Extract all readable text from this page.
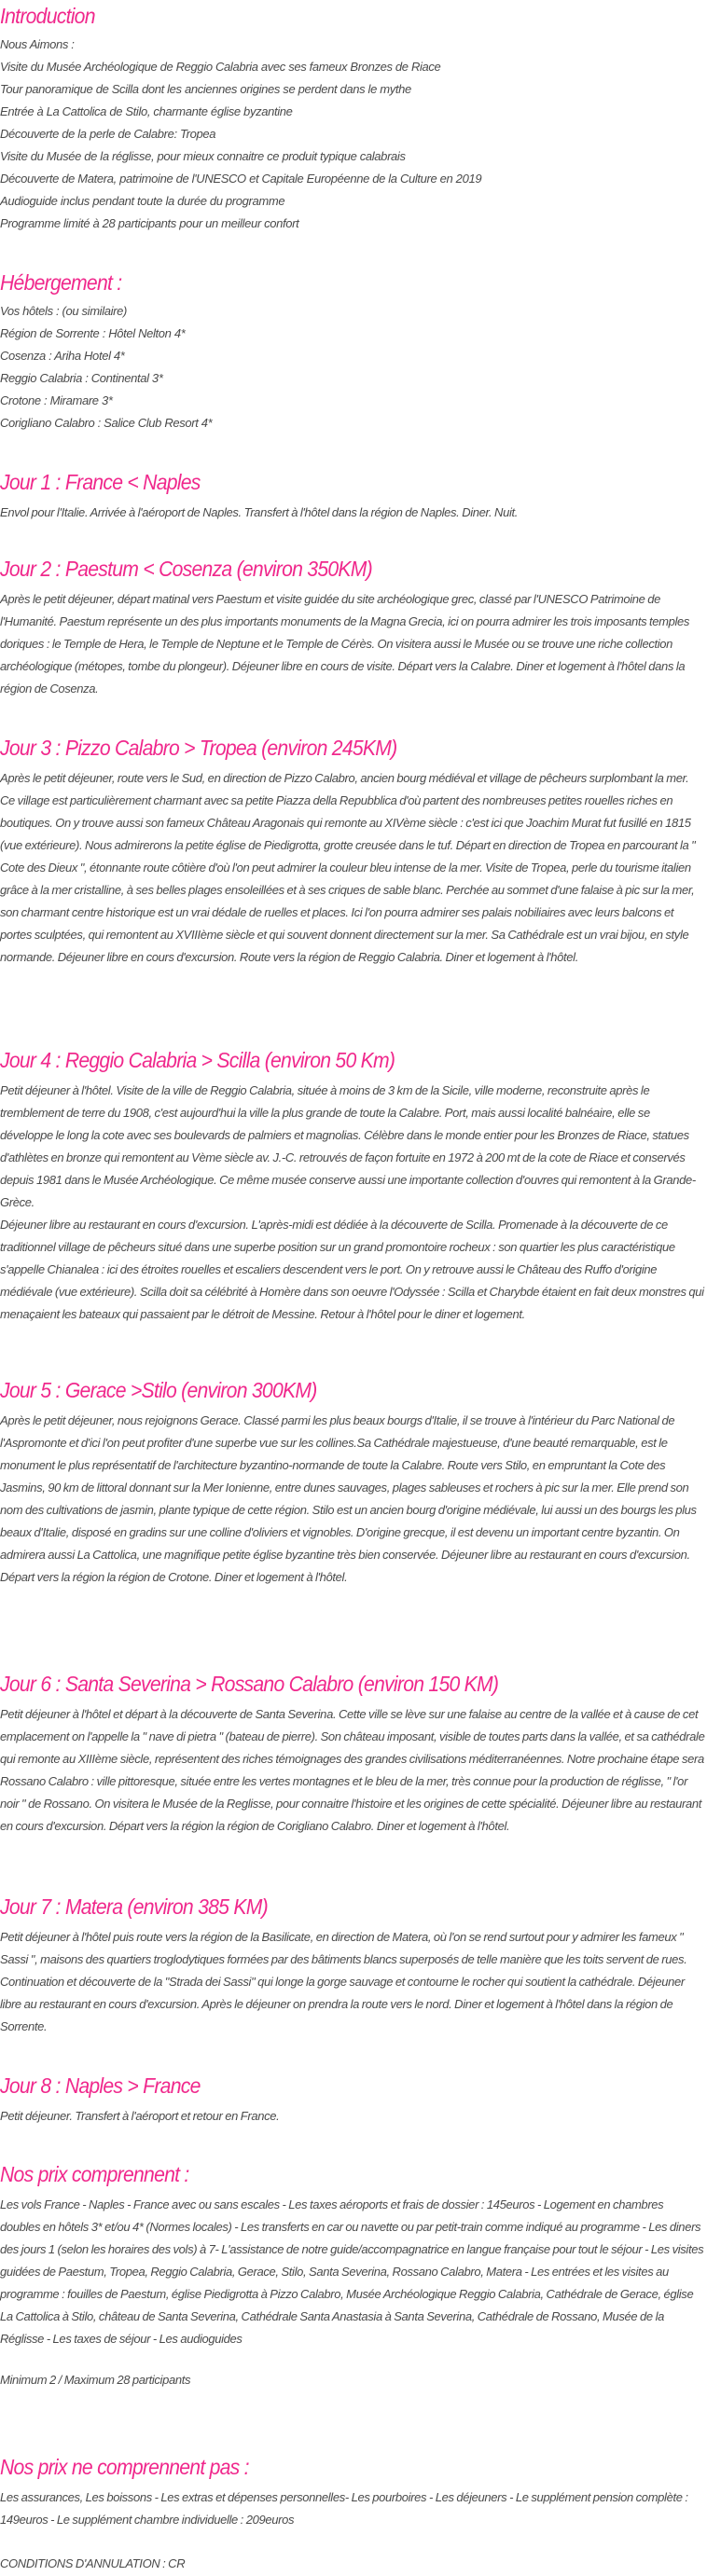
Introduction
Nous Aimons :
Visite du Musée Archéologique de Reggio Calabria avec ses fameux Bronzes de Riace
Tour panoramique de Scilla dont les anciennes origines se perdent dans le mythe
Entrée à La Cattolica de Stilo, charmante église byzantine
Découverte de la perle de Calabre: Tropea
Visite du Musée de la réglisse, pour mieux connaitre ce produit typique calabrais
Découverte de Matera, patrimoine de l'UNESCO et Capitale Européenne de la Culture en 2019
Audioguide inclus pendant toute la durée du programme
Programme limité à 28 participants pour un meilleur confort
Hébergement :
Vos hôtels : (ou similaire)
Région de Sorrente : Hôtel Nelton 4*
Cosenza : Ariha Hotel 4*
Reggio Calabria : Continental 3*
Crotone : Miramare 3*
Corigliano Calabro : Salice Club Resort 4*
Jour 1 : France < Naples

Envol pour l'Italie. Arrivée à l'aéroport de Naples. Transfert à l'hôtel dans la région de Naples. Diner. Nuit.

Jour 2 : Paestum < Cosenza (environ 350KM)

Après le petit déjeuner, départ matinal vers Paestum et visite guidée du site archéologique grec, classé par l'UNESCO Patrimoine de l'Humanité. Paestum représente un des plus importants monuments de la Magna Grecia, ici on pourra admirer les trois imposants temples doriques : le Temple de Hera, le Temple de Neptune et le Temple de Cérès. On visitera aussi le Musée ou se trouve une riche collection archéologique (métopes, tombe du plongeur). Déjeuner libre en cours de visite. Départ vers la Calabre. Diner et logement à l'hôtel dans la région de Cosenza.

Jour 3 : Pizzo Calabro > Tropea (environ 245KM)

Après le petit déjeuner, route vers le Sud, en direction de Pizzo Calabro, ancien bourg médiéval et village de pêcheurs surplombant la mer. Ce village est particulièrement charmant avec sa petite Piazza della Repubblica d'où partent des nombreuses petites rouelles riches en boutiques. On y trouve aussi son fameux Château Aragonais qui remonte au XIVème siècle : c'est ici que Joachim Murat fut fusillé en 1815 (vue extérieure). Nous admirerons la petite église de Piedigrotta, grotte creusée dans le tuf. Départ en direction de Tropea en parcourant la " Cote des Dieux ", étonnante route côtière d'où l'on peut admirer la couleur bleu intense de la mer. Visite de Tropea, perle du tourisme italien grâce à la mer cristalline, à ses belles plages ensoleillées et à ses criques de sable blanc. Perchée au sommet d'une falaise à pic sur la mer, son charmant centre historique est un vrai dédale de ruelles et places. Ici l'on pourra admirer ses palais nobiliaires avec leurs balcons et portes sculptées, qui remontent au XVIIIème siècle et qui souvent donnent directement sur la mer. Sa Cathédrale est un vrai bijou, en style normande. Déjeuner libre en cours d'excursion. Route vers la région de Reggio Calabria. Diner et logement à l'hôtel.

Jour 4 : Reggio Calabria > Scilla (environ 50 Km)

Petit déjeuner à l'hôtel. Visite de la ville de Reggio Calabria, située à moins de 3 km de la Sicile, ville moderne, reconstruite après le tremblement de terre du 1908, c'est aujourd'hui la ville la plus grande de toute la Calabre. Port, mais aussi localité balnéaire, elle se développe le long la cote avec ses boulevards de palmiers et magnolias. Célèbre dans le monde entier pour les Bronzes de Riace, statues d'athlètes en bronze qui remontent au Vème siècle av. J.-C. retrouvés de façon fortuite en 1972 à 200 mt de la cote de Riace et conservés depuis 1981 dans le Musée Archéologique. Ce même musée conserve aussi une importante collection d'ouvres qui remontent à la Grande-Grèce.

Déjeuner libre au restaurant en cours d'excursion. L'après-midi est dédiée à la découverte de Scilla. Promenade à la découverte de ce traditionnel village de pêcheurs situé dans une superbe position sur un grand promontoire rocheux : son quartier les plus caractéristique s'appelle Chianalea : ici des étroites rouelles et escaliers descendent vers le port. On y retrouve aussi le Château des Ruffo d'origine médiévale (vue extérieure). Scilla doit sa célébrité à Homère dans son oeuvre l'Odyssée : Scilla et Charybde étaient en fait deux monstres qui menaçaient les bateaux qui passaient par le détroit de Messine. Retour à l'hôtel pour le diner et logement.

Jour 5 : Gerace >Stilo (environ 300KM)

Après le petit déjeuner, nous rejoignons Gerace. Classé parmi les plus beaux bourgs d'Italie, il se trouve à l'intérieur du Parc National de l'Aspromonte et d'ici l'on peut profiter d'une superbe vue sur les collines.Sa Cathédrale majestueuse, d'une beauté remarquable, est le monument le plus représentatif de l'architecture byzantino-normande de toute la Calabre. Route vers Stilo, en empruntant la Cote des Jasmins, 90 km de littoral donnant sur la Mer Ionienne, entre dunes sauvages, plages sableuses et rochers à pic sur la mer. Elle prend son nom des cultivations de jasmin, plante typique de cette région. Stilo est un ancien bourg d'origine médiévale, lui aussi un des bourgs les plus beaux d'Italie, disposé en gradins sur une colline d'oliviers et vignobles. D'origine grecque, il est devenu un important centre byzantin. On admirera aussi La Cattolica, une magnifique petite église byzantine très bien conservée. Déjeuner libre au restaurant en cours d'excursion.

Départ vers la région la région de Crotone. Diner et logement à l'hôtel.

Jour 6 : Santa Severina > Rossano Calabro (environ 150 KM)

Petit déjeuner à l'hôtel et départ à la découverte de Santa Severina. Cette ville se lève sur une falaise au centre de la vallée et à cause de cet emplacement on l'appelle la " nave di pietra " (bateau de pierre). Son château imposant, visible de toutes parts dans la vallée, et sa cathédrale qui remonte au XIIIème siècle, représentent des riches témoignages des grandes civilisations méditerranéennes. Notre prochaine étape sera Rossano Calabro : ville pittoresque, située entre les vertes montagnes et le bleu de la mer, très connue pour la production de réglisse, " l'or noir " de Rossano. On visitera le Musée de la Reglisse, pour connaitre l'histoire et les origines de cette spécialité. Déjeuner libre au restaurant en cours d'excursion. Départ vers la région la région de Corigliano Calabro. Diner et logement à l'hôtel.

Jour 7 : Matera (environ 385 KM)

Petit déjeuner à l'hôtel puis route vers la région de la Basilicate, en direction de Matera, où l'on se rend surtout pour y admirer les fameux " Sassi ", maisons des quartiers troglodytiques formées par des bâtiments blancs superposés de telle manière que les toits servent de rues. Continuation et découverte de la "Strada dei Sassi" qui longe la gorge sauvage et contourne le rocher qui soutient la cathédrale. Déjeuner libre au restaurant en cours d'excursion. Après le déjeuner on prendra la route vers le nord. Diner et logement à l'hôtel dans la région de Sorrente.

Jour 8 : Naples > France

Petit déjeuner. Transfert à l'aéroport et retour en France.

Nos prix comprennent :

Les vols France - Naples - France avec ou sans escales - Les taxes aéroports et frais de dossier : 145euros - Logement en chambres doubles en hôtels 3* et/ou 4* (Normes locales) - Les transferts en car ou navette ou par petit-train comme indiqué au programme - Les diners des jours 1 (selon les horaires des vols) à 7- L'assistance de notre guide/accompagnatrice en langue française pour tout le séjour - Les visites guidées de Paestum, Tropea, Reggio Calabria, Gerace, Stilo, Santa Severina, Rossano Calabro, Matera - Les entrées et les visites au programme : fouilles de Paestum, église Piedigrotta à Pizzo Calabro, Musée Archéologique Reggio Calabria, Cathédrale de Gerace, église La Cattolica à Stilo, château de Santa Severina, Cathédrale Santa Anastasia à Santa Severina, Cathédrale de Rossano, Musée de la Réglisse - Les taxes de séjour - Les audioguides

Minimum 2 / Maximum 28 participants

Nos prix ne comprennent pas :

Les assurances, Les boissons - Les extras et dépenses personnelles- Les pourboires - Les déjeuners - Le supplément pension complète : 149euros - Le supplément chambre individuelle : 209euros

CONDITIONS D'ANNULATION : CR
